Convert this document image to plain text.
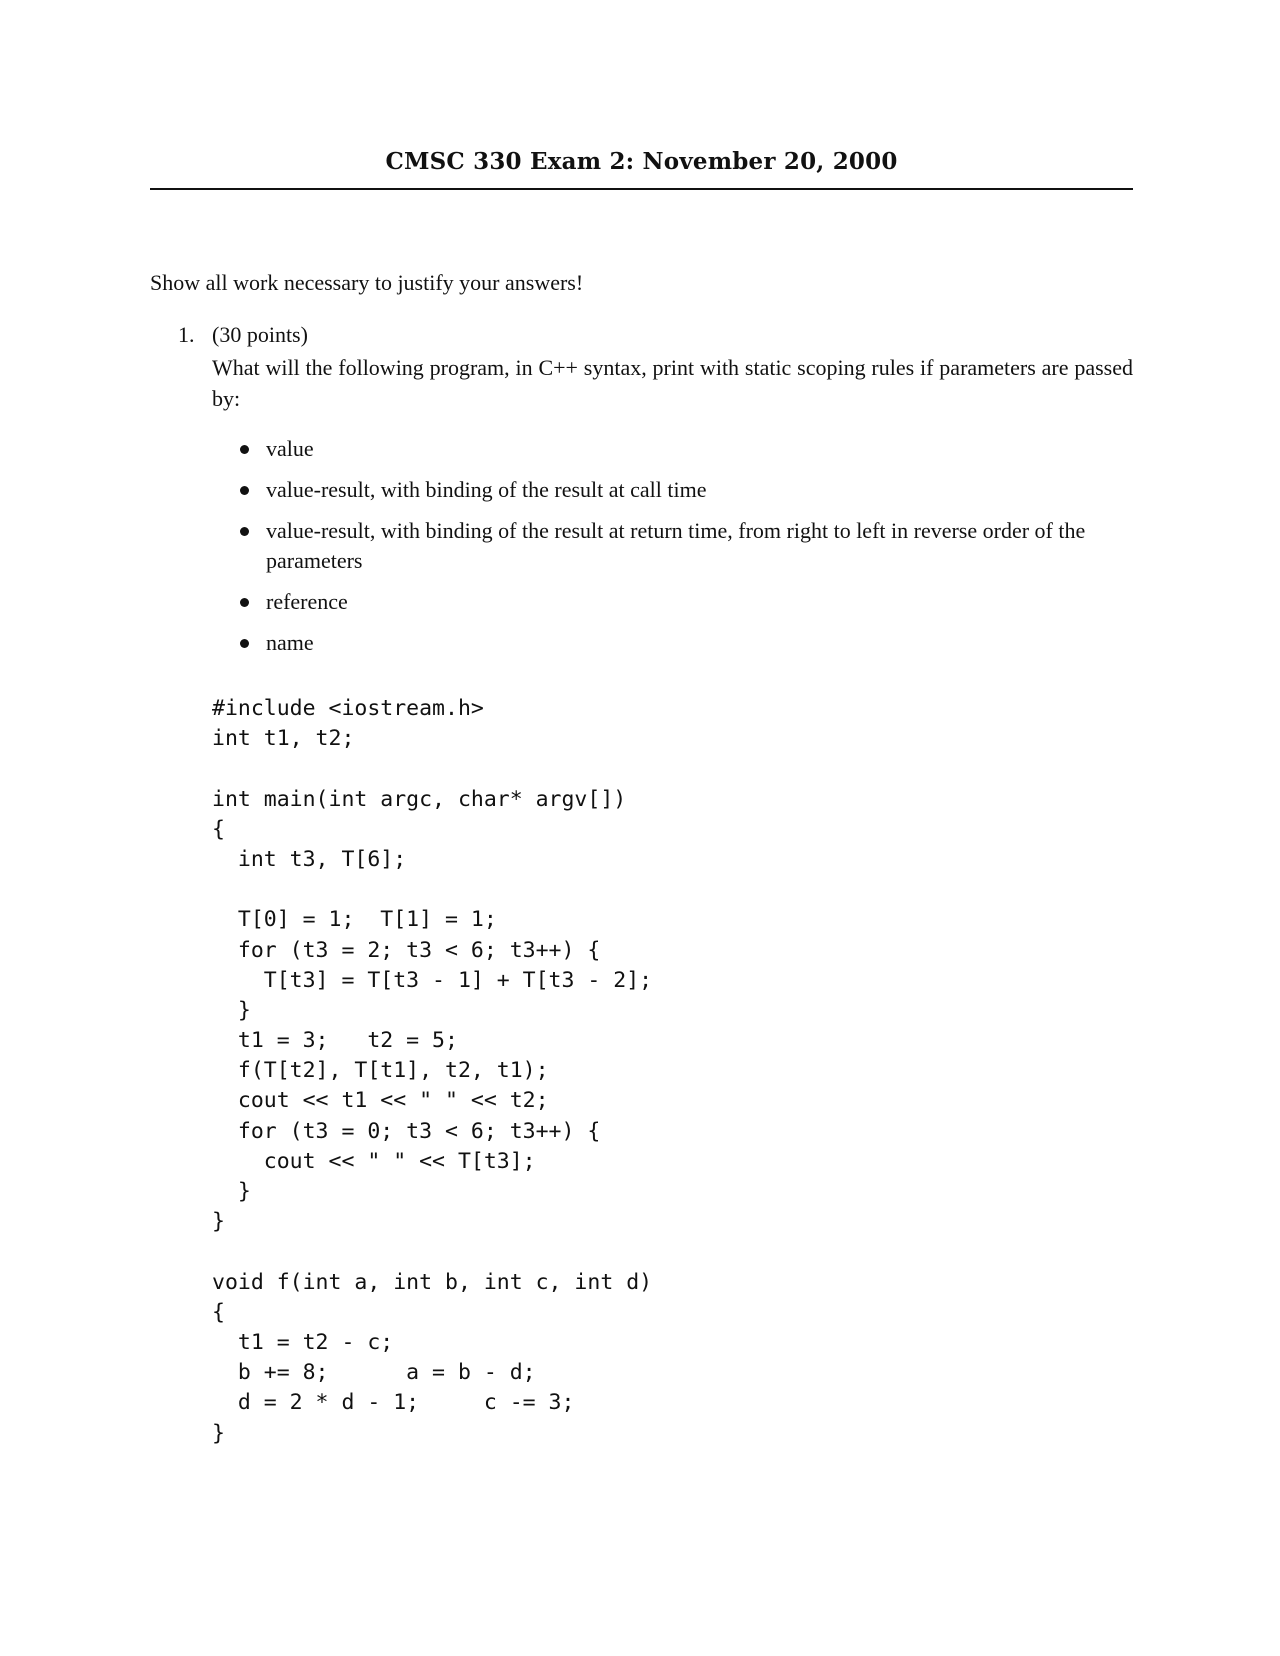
CMSC 330 Exam 2: November 20, 2000
Show all work necessary to justify your answers!
1. (30 points)
What will the following program, in C++ syntax, print with static scoping rules if parameters are passed by:
value
value-result, with binding of the result at call time
value-result, with binding of the result at return time, from right to left in reverse order of the parameters
reference
name
#include <iostream.h>
int t1, t2;
int main(int argc, char* argv[])
{
int t3, T[6];
T[0] = 1;  T[1] = 1;
for (t3 = 2; t3 < 6; t3++) {
T[t3] = T[t3 - 1] + T[t3 - 2];
}
t1 = 3;   t2 = 5;
f(T[t2], T[t1], t2, t1);
cout << t1 << " " << t2;
for (t3 = 0; t3 < 6; t3++) {
cout << " " << T[t3];
}
}
void f(int a, int b, int c, int d)
{
t1 = t2 - c;
b += 8;      a = b - d;
d = 2 * d - 1;     c -= 3;
}
